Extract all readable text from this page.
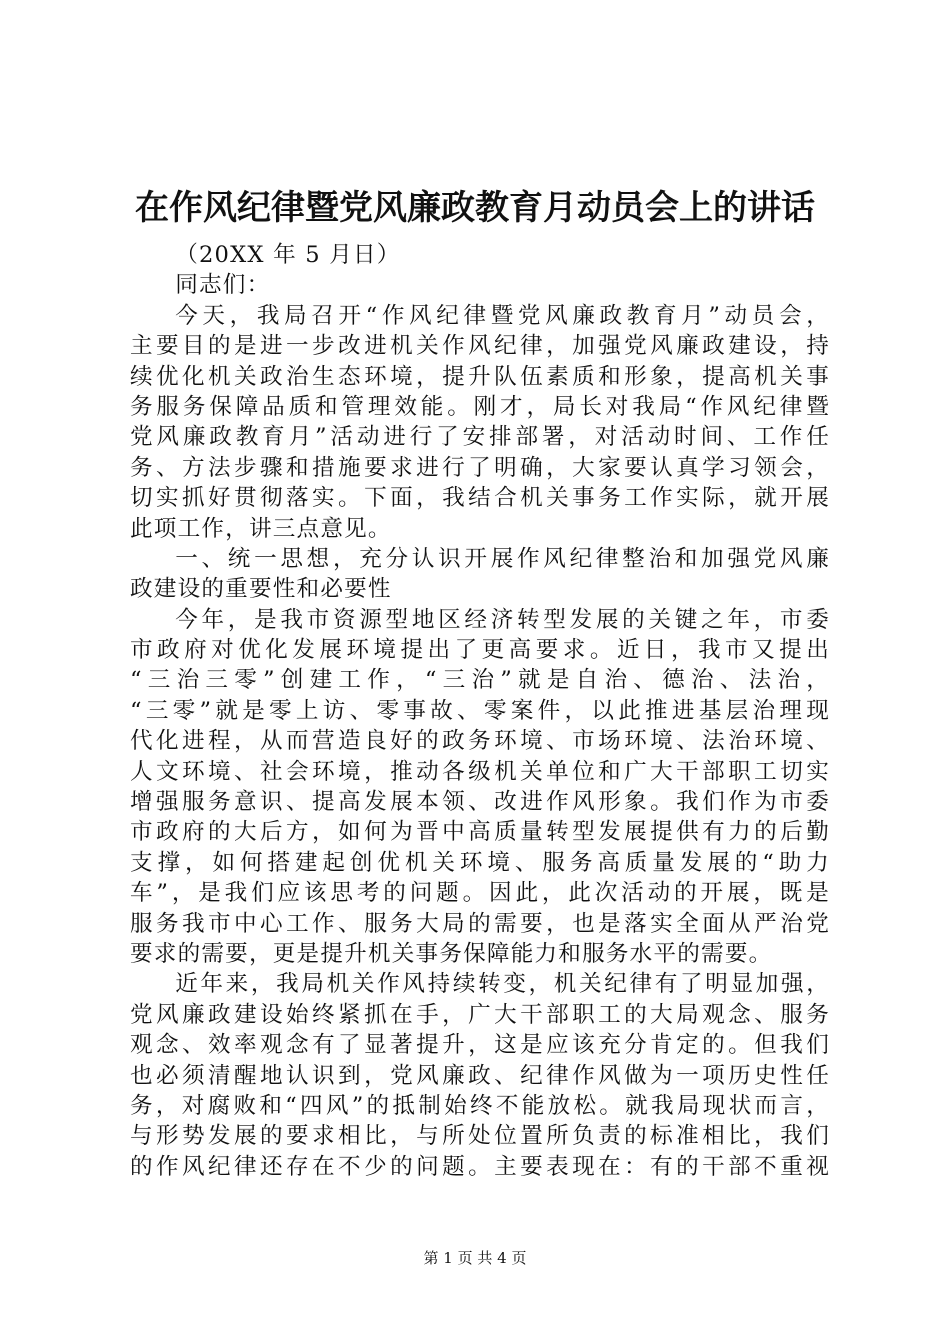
在作风纪律暨党风廉政教育月动员会上的讲话
（20XX 年 5 月日）
同志们：
今天，我局召开“作风纪律暨党风廉政教育月”动员会，
主要目的是进一步改进机关作风纪律，加强党风廉政建设，持
续优化机关政治生态环境，提升队伍素质和形象，提高机关事
务服务保障品质和管理效能。刚才，局长对我局“作风纪律暨
党风廉政教育月”活动进行了安排部署，对活动时间、工作任
务、方法步骤和措施要求进行了明确，大家要认真学习领会，
切实抓好贯彻落实。下面，我结合机关事务工作实际，就开展
此项工作，讲三点意见。
一、统一思想，充分认识开展作风纪律整治和加强党风廉
政建设的重要性和必要性
今年，是我市资源型地区经济转型发展的关键之年，市委
市政府对优化发展环境提出了更高要求。近日，我市又提出
“三治三零”创建工作，“三治”就是自治、德治、法治，
“三零”就是零上访、零事故、零案件，以此推进基层治理现
代化进程，从而营造良好的政务环境、市场环境、法治环境、
人文环境、社会环境，推动各级机关单位和广大干部职工切实
增强服务意识、提高发展本领、改进作风形象。我们作为市委
市政府的大后方，如何为晋中高质量转型发展提供有力的后勤
支撑，如何搭建起创优机关环境、服务高质量发展的“助力
车”，是我们应该思考的问题。因此，此次活动的开展，既是
服务我市中心工作、服务大局的需要，也是落实全面从严治党
要求的需要，更是提升机关事务保障能力和服务水平的需要。
近年来，我局机关作风持续转变，机关纪律有了明显加强，
党风廉政建设始终紧抓在手，广大干部职工的大局观念、服务
观念、效率观念有了显著提升，这是应该充分肯定的。但我们
也必须清醒地认识到，党风廉政、纪律作风做为一项历史性任
务，对腐败和“四风”的抵制始终不能放松。就我局现状而言，
与形势发展的要求相比，与所处位置所负责的标准相比，我们
的作风纪律还存在不少的问题。主要表现在：有的干部不重视
第 1 页 共 4 页
